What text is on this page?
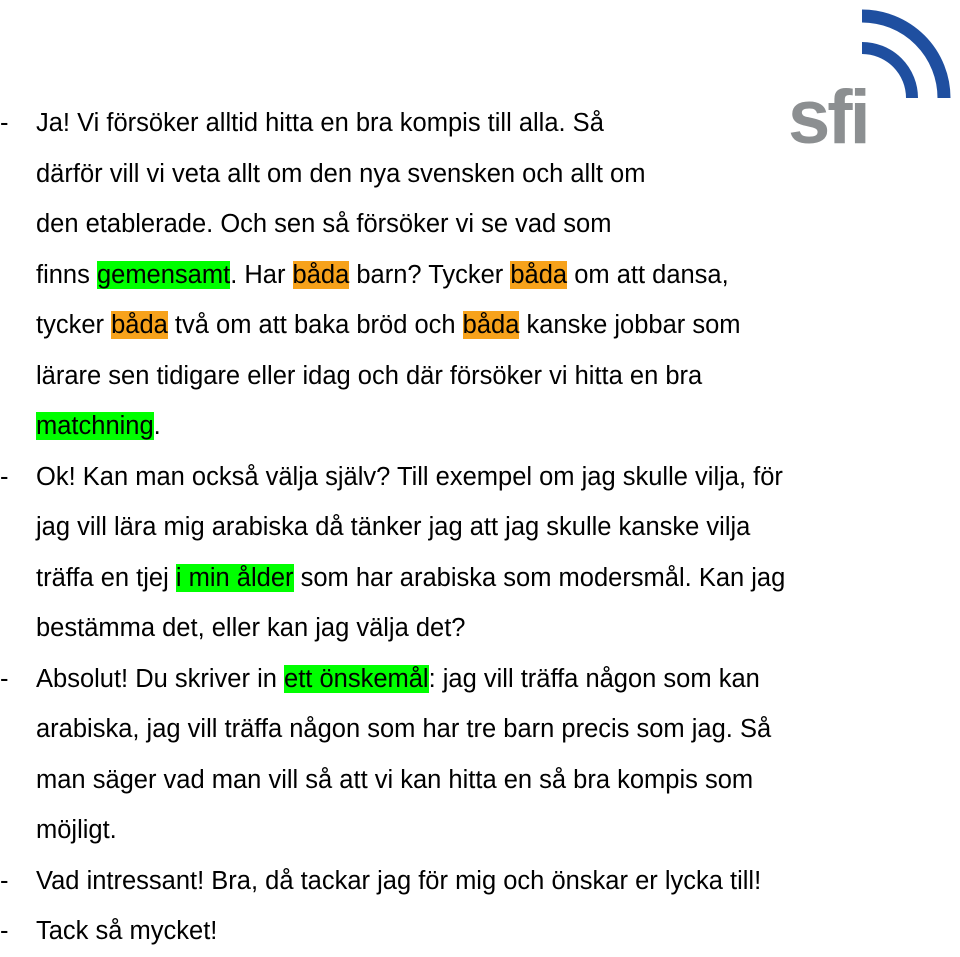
sfi
- Ja! Vi försöker alltid hitta en bra kompis till alla. Så
därför vill vi veta allt om den nya svensken och allt om
den etablerade. Och sen så försöker vi se vad som
finns gemensamt. Har båda barn? Tycker båda om att dansa,
tycker båda två om att baka bröd och båda kanske jobbar som
lärare sen tidigare eller idag och där försöker vi hitta en bra
matchning.
- Ok! Kan man också välja själv? Till exempel om jag skulle vilja, för
jag vill lära mig arabiska då tänker jag att jag skulle kanske vilja
träffa en tjej i min ålder som har arabiska som modersmål. Kan jag
bestämma det, eller kan jag välja det?
- Absolut! Du skriver in ett önskemål: jag vill träffa någon som kan
arabiska, jag vill träffa någon som har tre barn precis som jag. Så
man säger vad man vill så att vi kan hitta en så bra kompis som
möjligt.
- Vad intressant! Bra, då tackar jag för mig och önskar er lycka till!
- Tack så mycket!
